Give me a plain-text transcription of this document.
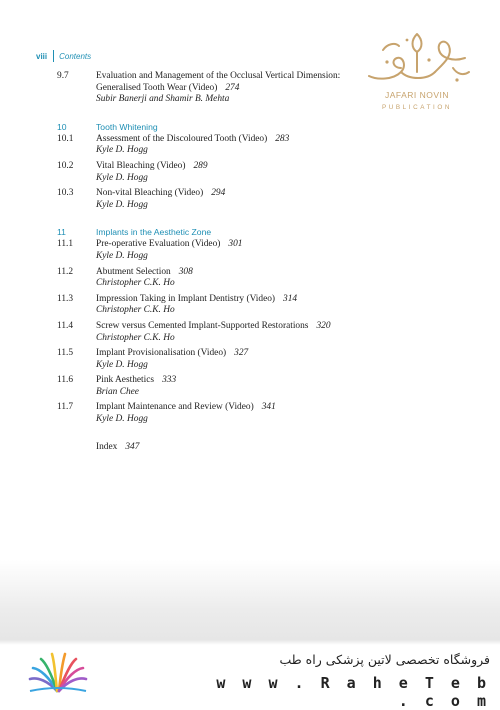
viii Contents
9.7	Evaluation and Management of the Occlusal Vertical Dimension:
Generalised Tooth Wear (Video) 274
Subir Banerji and Shamir B. Mehta
10	Tooth Whitening
10.1 Assessment of the Discoloured Tooth (Video) 283
Kyle D. Hogg
10.2 Vital Bleaching (Video) 289
Kyle D. Hogg
10.3 Non-vital Bleaching (Video) 294
Kyle D. Hogg
11	Implants in the Aesthetic Zone
11.1 Pre-operative Evaluation (Video) 301
Kyle D. Hogg
11.2 Abutment Selection 308
Christopher C.K. Ho
11.3 Impression Taking in Implant Dentistry (Video) 314
Christopher C.K. Ho
11.4 Screw versus Cemented Implant-Supported Restorations 320
Christopher C.K. Ho
11.5 Implant Provisionalisation (Video) 327
Kyle D. Hogg
11.6 Pink Aesthetics 333
Brian Chee
11.7 Implant Maintenance and Review (Video) 341
Kyle D. Hogg
Index 347
JAFARI NOVIN
PUBLICATION
فروشگاه تخصصی لاتین پزشکی راه طب
w w w . R a h e T e b . c o m
